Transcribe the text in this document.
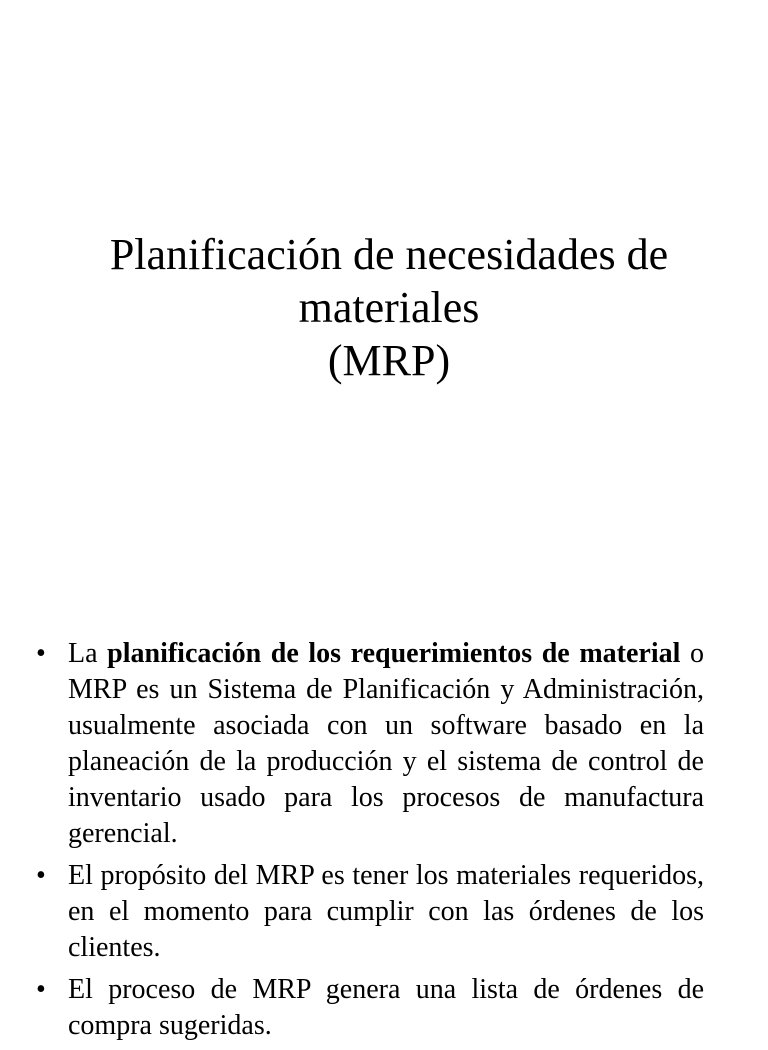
Planificación de necesidades de
materiales
(MRP)
• La planificación de los requerimientos de material o MRP es un Sistema de Planificación y Administración, usualmente asociada con un software basado en la planeación de la producción y el sistema de control de inventario usado para los procesos de manufactura gerencial.
• El propósito del MRP es tener los materiales requeridos, en el momento para cumplir con las órdenes de los clientes.
• El proceso de MRP genera una lista de órdenes de compra sugeridas.
